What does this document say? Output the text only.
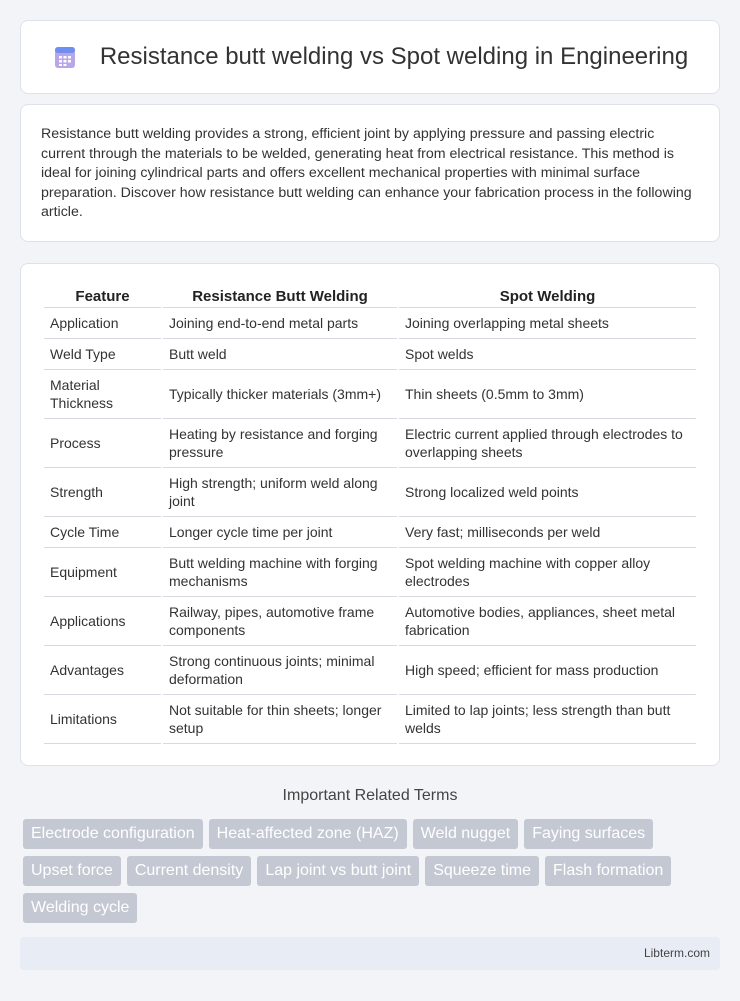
Resistance butt welding vs Spot welding in Engineering

Resistance butt welding provides a strong, efficient joint by applying pressure and passing electric current through the materials to be welded, generating heat from electrical resistance. This method is ideal for joining cylindrical parts and offers excellent mechanical properties with minimal surface preparation. Discover how resistance butt welding can enhance your fabrication process in the following article.

Feature	Resistance Butt Welding	Spot Welding
Application	Joining end-to-end metal parts	Joining overlapping metal sheets
Weld Type	Butt weld	Spot welds
Material Thickness	Typically thicker materials (3mm+)	Thin sheets (0.5mm to 3mm)
Process	Heating by resistance and forging pressure	Electric current applied through electrodes to overlapping sheets
Strength	High strength; uniform weld along joint	Strong localized weld points
Cycle Time	Longer cycle time per joint	Very fast; milliseconds per weld
Equipment	Butt welding machine with forging mechanisms	Spot welding machine with copper alloy electrodes
Applications	Railway, pipes, automotive frame components	Automotive bodies, appliances, sheet metal fabrication
Advantages	Strong continuous joints; minimal deformation	High speed; efficient for mass production
Limitations	Not suitable for thin sheets; longer setup	Limited to lap joints; less strength than butt welds
Important Related Terms
Electrode configuration	Heat-affected zone (HAZ)	Weld nugget	Faying surfaces
Upset force	Current density	Lap joint vs butt joint	Squeeze time	Flash formation
Welding cycle
Libterm.com
